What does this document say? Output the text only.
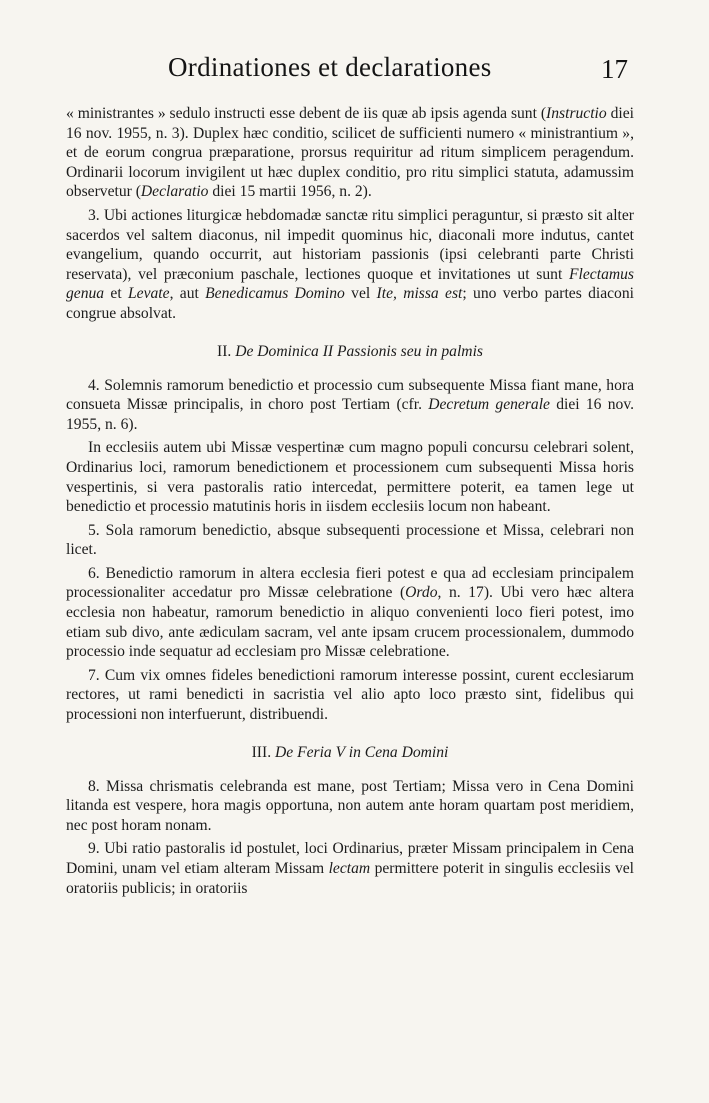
Ordinationes et declarationes	17

« ministrantes » sedulo instructi esse debent de iis quæ ab ipsis agenda sunt (Instructio diei 16 nov. 1955, n. 3). Duplex hæc conditio, scilicet de sufficienti numero « ministrantium », et de eorum congrua præparatione, prorsus requiritur ad ritum simplicem peragendum. Ordinarii locorum invigilent ut hæc duplex conditio, pro ritu simplici statuta, adamussim observetur (Declaratio diei 15 martii 1956, n. 2).

3. Ubi actiones liturgicæ hebdomadæ sanctæ ritu simplici peraguntur, si præsto sit alter sacerdos vel saltem diaconus, nil impedit quominus hic, diaconali more indutus, cantet evangelium, quando occurrit, aut historiam passionis (ipsi celebranti parte Christi reservata), vel præconium paschale, lectiones quoque et invitationes ut sunt Flectamus genua et Levate, aut Benedicamus Domino vel Ite, missa est; uno verbo partes diaconi congrue absolvat.

II. De Dominica II Passionis seu in palmis

4. Solemnis ramorum benedictio et processio cum subsequente Missa fiant mane, hora consueta Missæ principalis, in choro post Tertiam (cfr. Decretum generale diei 16 nov. 1955, n. 6).

In ecclesiis autem ubi Missæ vespertinæ cum magno populi concursu celebrari solent, Ordinarius loci, ramorum benedictionem et processionem cum subsequenti Missa horis vespertinis, si vera pastoralis ratio intercedat, permittere poterit, ea tamen lege ut benedictio et processio matutinis horis in iisdem ecclesiis locum non habeant.

5. Sola ramorum benedictio, absque subsequenti processione et Missa, celebrari non licet.

6. Benedictio ramorum in altera ecclesia fieri potest e qua ad ecclesiam principalem processionaliter accedatur pro Missæ celebratione (Ordo, n. 17). Ubi vero hæc altera ecclesia non habeatur, ramorum benedictio in aliquo convenienti loco fieri potest, imo etiam sub divo, ante ædiculam sacram, vel ante ipsam crucem processionalem, dummodo processio inde sequatur ad ecclesiam pro Missæ celebratione.

7. Cum vix omnes fideles benedictioni ramorum interesse possint, curent ecclesiarum rectores, ut rami benedicti in sacristia vel alio apto loco præsto sint, fidelibus qui processioni non interfuerunt, distribuendi.

III. De Feria V in Cena Domini

8. Missa chrismatis celebranda est mane, post Tertiam; Missa vero in Cena Domini litanda est vespere, hora magis opportuna, non autem ante horam quartam post meridiem, nec post horam nonam.

9. Ubi ratio pastoralis id postulet, loci Ordinarius, præter Missam principalem in Cena Domini, unam vel etiam alteram Missam lectam permittere poterit in singulis ecclesiis vel oratoriis publicis; in oratoriis
